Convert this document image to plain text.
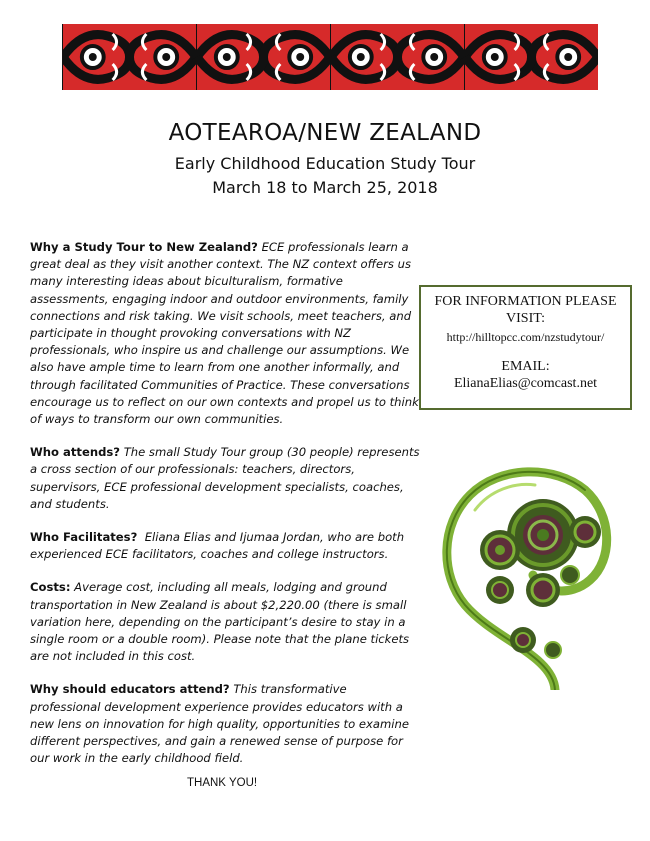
AOTEAROA/NEW ZEALAND
Early Childhood Education Study Tour
March 18 to March 25, 2018

Why a Study Tour to New Zealand? ECE professionals learn a great deal as they visit another context. The NZ context offers us many interesting ideas about biculturalism, formative assessments, engaging indoor and outdoor environments, family connections and risk taking. We visit schools, meet teachers, and participate in thought provoking conversations with NZ professionals, who inspire us and challenge our assumptions. We also have ample time to learn from one another informally, and through facilitated Communities of Practice. These conversations encourage us to reflect on our own contexts and propel us to think of ways to transform our own communities.

Who attends? The small Study Tour group (30 people) represents a cross section of our professionals: teachers, directors, supervisors, ECE professional development specialists, coaches, and students.

Who Facilitates? Eliana Elias and Ijumaa Jordan, who are both experienced ECE facilitators, coaches and college instructors.

Costs: Average cost, including all meals, lodging and ground transportation in New Zealand is about $2,220.00 (there is small variation here, depending on the participant’s desire to stay in a single room or a double room). Please note that the plane tickets are not included in this cost.

Why should educators attend? This transformative professional development experience provides educators with a new lens on innovation for high quality, opportunities to examine different perspectives, and gain a renewed sense of purpose for our work in the early childhood field.

THANK YOU!
FOR INFORMATION PLEASE
VISIT:
http://hilltopcc.com/nzstudytour/
EMAIL:
ElianaElias@comcast.net
